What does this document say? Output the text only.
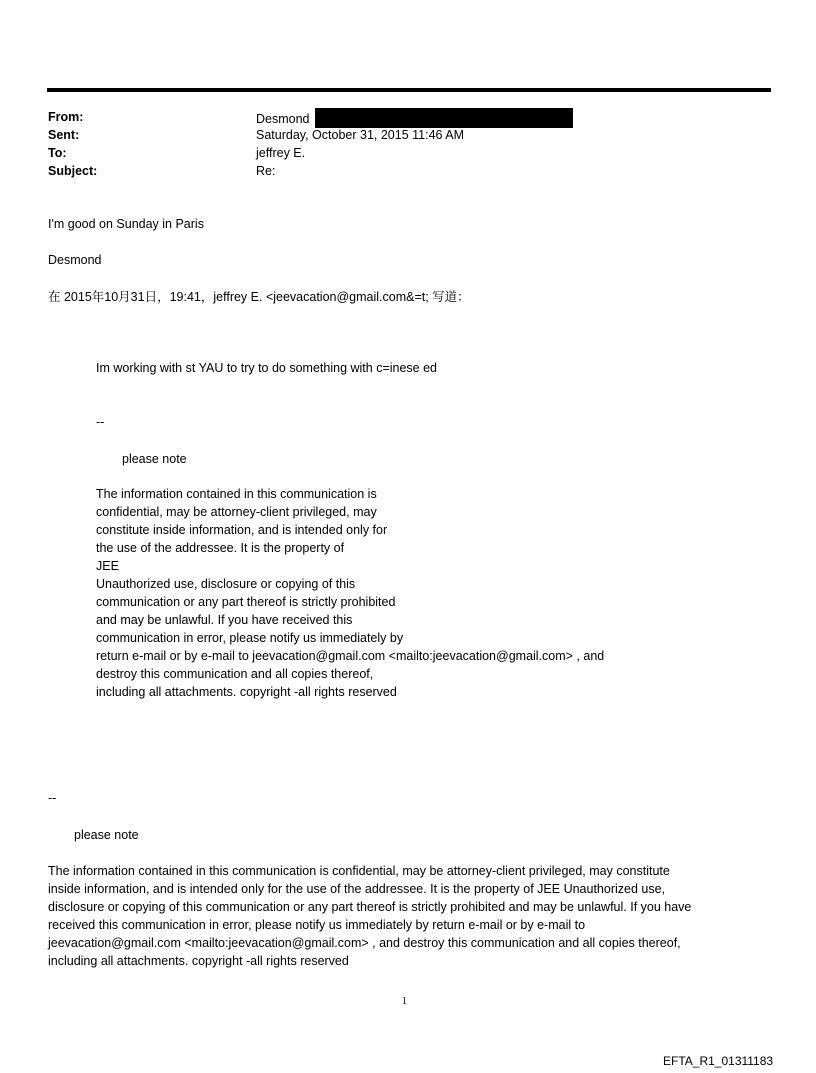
From:	Desmond
Sent:	Saturday, October 31, 2015 11:46 AM
To:	jeffrey E.
Subject:	Re:
I'm good on Sunday in Paris
Desmond
在 2015年10月31日，19:41，jeffrey E. <jeevacation@gmail.com&=t; 写道：
Im working with st YAU to try to do something with c=inese ed
--
please note
The information contained in this communication is
confidential, may be attorney-client privileged, may
constitute inside information, and is intended only for
the use of the addressee. It is the property of
JEE
Unauthorized use, disclosure or copying of this
communication or any part thereof is strictly prohibited
and may be unlawful. If you have received this
communication in error, please notify us immediately by
return e-mail or by e-mail to jeevacation@gmail.com <mailto:jeevacation@gmail.com> , and
destroy this communication and all copies thereof,
including all attachments. copyright -all rights reserved
--
please note
The information contained in this communication is confidential, may be attorney-client privileged, may constitute
inside information, and is intended only for the use of the addressee. It is the property of JEE Unauthorized use,
disclosure or copying of this communication or any part thereof is strictly prohibited and may be unlawful. If you have
received this communication in error, please notify us immediately by return e-mail or by e-mail to
jeevacation@gmail.com <mailto:jeevacation@gmail.com> , and destroy this communication and all copies thereof,
including all attachments. copyright -all rights reserved
1
EFTA_R1_01311183
